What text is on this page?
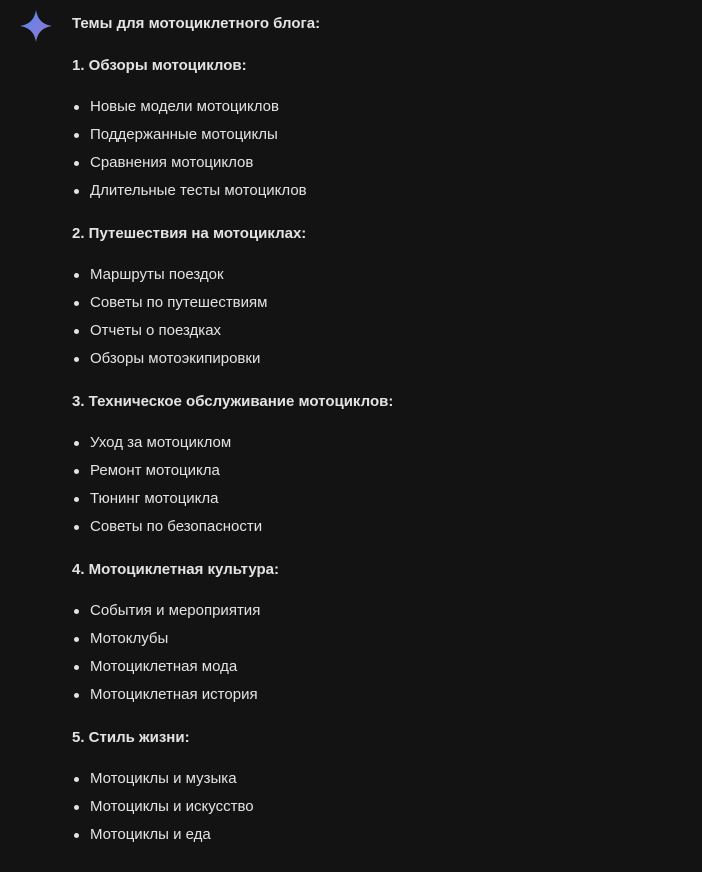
Темы для мотоциклетного блога:

1. Обзоры мотоциклов:

Новые модели мотоциклов
Поддержанные мотоциклы
Сравнения мотоциклов
Длительные тесты мотоциклов

2. Путешествия на мотоциклах:

Маршруты поездок
Советы по путешествиям
Отчеты о поездках
Обзоры мотоэкипировки

3. Техническое обслуживание мотоциклов:

Уход за мотоциклом
Ремонт мотоцикла
Тюнинг мотоцикла
Советы по безопасности

4. Мотоциклетная культура:

События и мероприятия
Мотоклубы
Мотоциклетная мода
Мотоциклетная история

5. Стиль жизни:

Мотоциклы и музыка
Мотоциклы и искусство
Мотоциклы и еда
